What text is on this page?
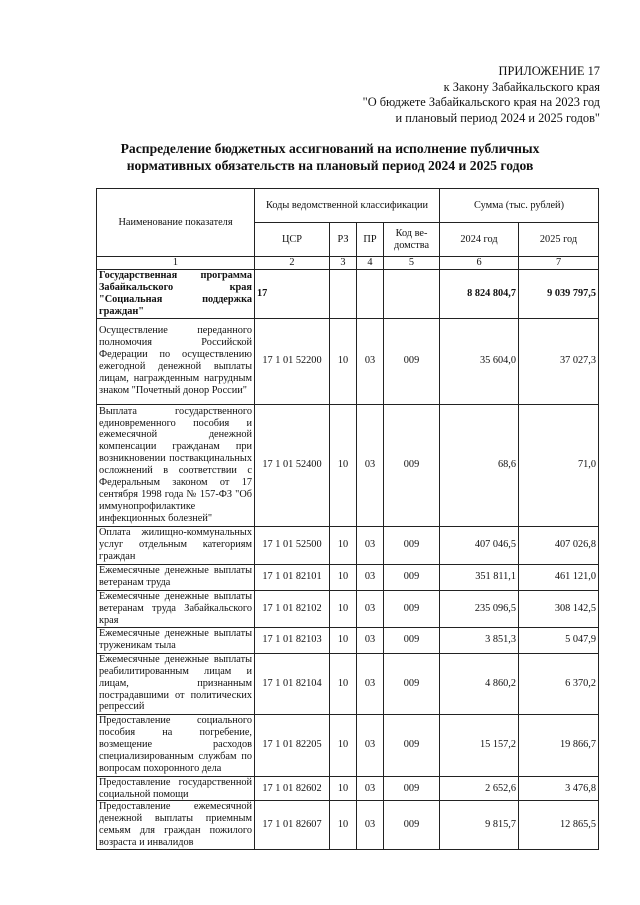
ПРИЛОЖЕНИЕ 17
к Закону Забайкальского края
"О бюджете Забайкальского края на 2023 год
и плановый период 2024 и 2025 годов"
Распределение бюджетных ассигнований на исполнение публичных
нормативных обязательств на плановый период 2024 и 2025 годов
Наименование показателя	Коды ведомственной классификации				Сумма (тыс. рублей)	
	ЦСР	РЗ	ПР	Код ве-домства	2024 год	2025 год
1	2	3	4	5	6	7
Государственная программа Забайкальского края "Социальная поддержка граждан"	17				8 824 804,7	9 039 797,5
Осуществление переданного полномочия Российской Федерации по осуществлению ежегодной денежной выплаты лицам, награжденным нагрудным знаком "Почетный донор России"	17 1 01 52200	10	03	009	35 604,0	37 027,3
Выплата государственного единовременного пособия и ежемесячной денежной компенсации гражданам при возникновении поствакцинальных осложнений в соответствии с Федеральным законом от 17 сентября 1998 года № 157-ФЗ "Об иммунопрофилактике инфекционных болезней"	17 1 01 52400	10	03	009	68,6	71,0
Оплата жилищно-коммунальных услуг отдельным категориям граждан	17 1 01 52500	10	03	009	407 046,5	407 026,8
Ежемесячные денежные выплаты ветеранам труда	17 1 01 82101	10	03	009	351 811,1	461 121,0
Ежемесячные денежные выплаты ветеранам труда Забайкальского края	17 1 01 82102	10	03	009	235 096,5	308 142,5
Ежемесячные денежные выплаты труженикам тыла	17 1 01 82103	10	03	009	3 851,3	5 047,9
Ежемесячные денежные выплаты реабилитированным лицам и лицам, признанным пострадавшими от политических репрессий	17 1 01 82104	10	03	009	4 860,2	6 370,2
Предоставление социального пособия на погребение, возмещение расходов специализированным службам по вопросам похоронного дела	17 1 01 82205	10	03	009	15 157,2	19 866,7
Предоставление государственной социальной помощи	17 1 01 82602	10	03	009	2 652,6	3 476,8
Предоставление ежемесячной денежной выплаты приемным семьям для граждан пожилого возраста и инвалидов	17 1 01 82607	10	03	009	9 815,7	12 865,5
